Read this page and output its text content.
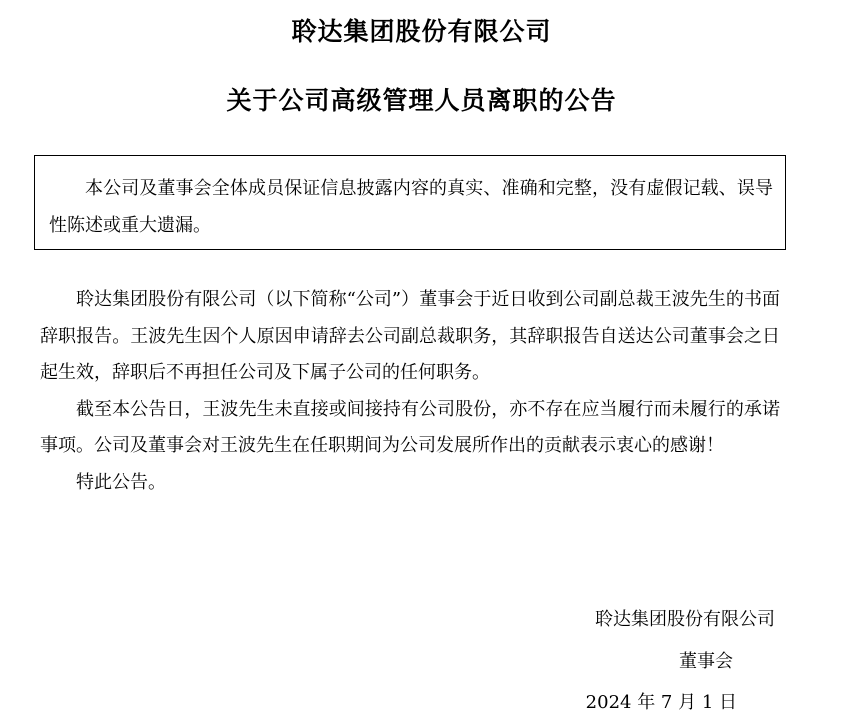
聆达集团股份有限公司
关于公司高级管理人员离职的公告

本公司及董事会全体成员保证信息披露内容的真实、准确和完整，没有虚假记载、误导性陈述或重大遗漏。

聆达集团股份有限公司（以下简称“公司”）董事会于近日收到公司副总裁王波先生的书面辞职报告。王波先生因个人原因申请辞去公司副总裁职务，其辞职报告自送达公司董事会之日起生效，辞职后不再担任公司及下属子公司的任何职务。

截至本公告日，王波先生未直接或间接持有公司股份，亦不存在应当履行而未履行的承诺事项。公司及董事会对王波先生在任职期间为公司发展所作出的贡献表示衷心的感谢！

特此公告。

聆达集团股份有限公司
董事会
2024 年 7 月 1 日
